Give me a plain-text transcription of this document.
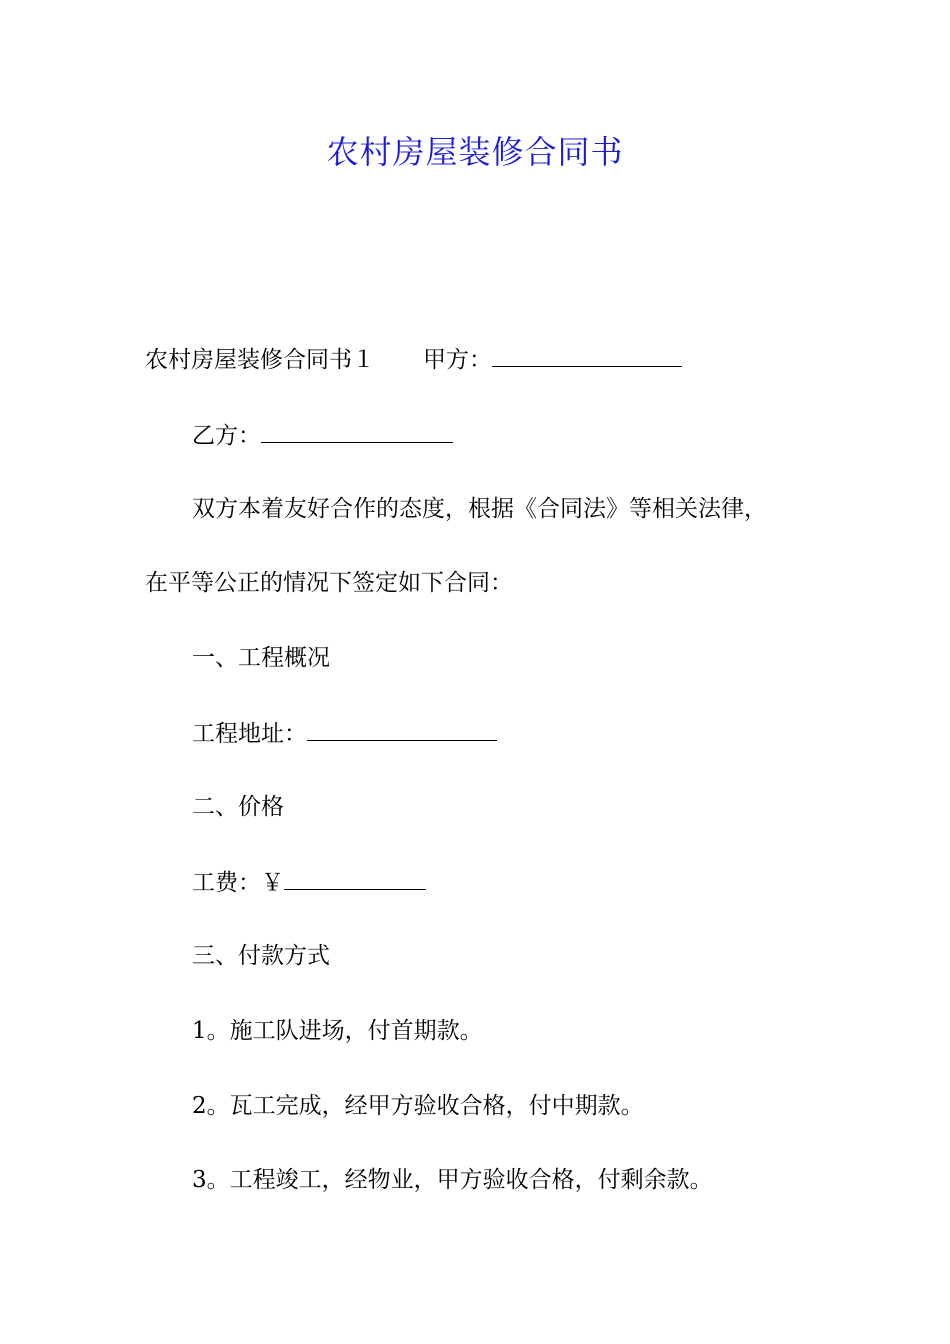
农村房屋装修合同书
农村房屋装修合同书１ 甲方：
乙方：
双方本着友好合作的态度，根据《合同法》等相关法律，
在平等公正的情况下签定如下合同：
一、工程概况
工程地址：
二、价格
工费：￥
三、付款方式
1。施工队进场，付首期款。
2。瓦工完成，经甲方验收合格，付中期款。
3。工程竣工，经物业，甲方验收合格，付剩余款。
